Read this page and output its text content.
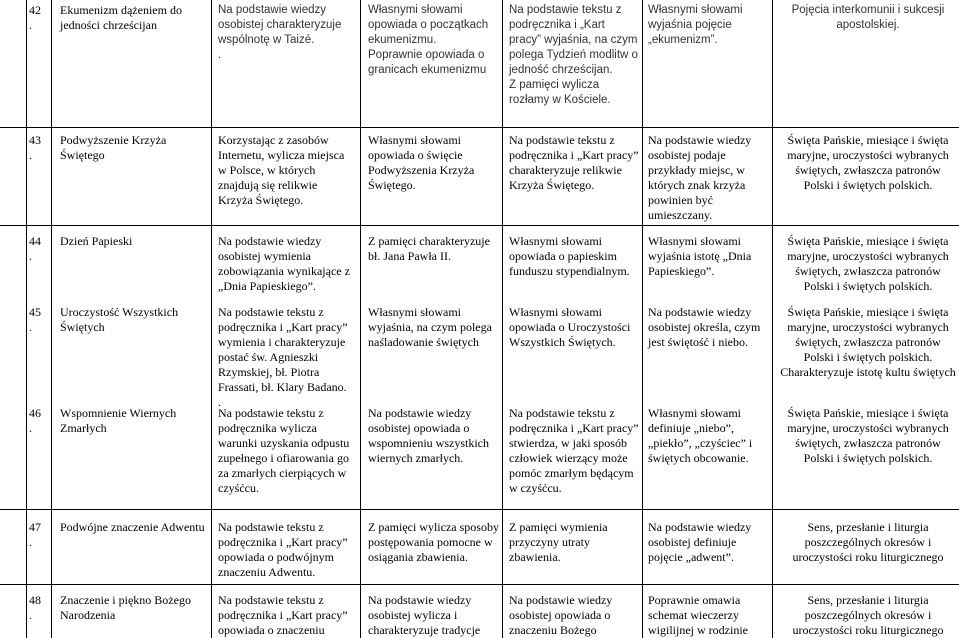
42
.
Ekumenizm dążeniem do jedności chrześcijan
Na podstawie wiedzy osobistej charakteryzuje wspólnotę w Taizé.
.
Własnymi słowami opowiada o początkach ekumenizmu.
Poprawnie opowiada o granicach ekumenizmu
Na podstawie tekstu z podręcznika i „Kart pracy” wyjaśnia, na czym polega Tydzień modlitw o jedność chrześcijan.
Z pamięci wylicza rozłamy w Kościele.
Własnymi słowami wyjaśnia pojęcie „ekumenizm”.
Pojęcia interkomunii i sukcesji apostolskiej.
43
.
Podwyższenie Krzyża Świętego
Korzystając z zasobów Internetu, wylicza miejsca w Polsce, w których znajdują się relikwie Krzyża Świętego.
Własnymi słowami opowiada o święcie Podwyższenia Krzyża Świętego.
Na podstawie tekstu z podręcznika i „Kart pracy” charakteryzuje relikwie Krzyża Świętego.
Na podstawie wiedzy osobistej podaje przykłady miejsc, w których znak krzyża powinien być umieszczany.
Święta Pańskie, miesiące i święta maryjne, uroczystości wybranych świętych, zwłaszcza patronów Polski i świętych polskich.
44
.
Dzień Papieski	Na podstawie wiedzy osobistej wymienia zobowiązania wynikające z „Dnia Papieskiego”.
Z pamięci charakteryzuje bł. Jana Pawła II.
Własnymi słowami opowiada o papieskim funduszu stypendialnym.
Własnymi słowami wyjaśnia istotę „Dnia Papieskiego”.
Święta Pańskie, miesiące i święta maryjne, uroczystości wybranych świętych, zwłaszcza patronów Polski i świętych polskich.
45
.
Uroczystość Wszystkich Świętych
Na podstawie tekstu z podręcznika i „Kart pracy” wymienia i charakteryzuje postać św. Agnieszki Rzymskiej, bł. Piotra Frassati, bł. Klary Badano.
.
Własnymi słowami wyjaśnia, na czym polega naśladowanie świętych
Własnymi słowami opowiada o Uroczystości Wszystkich Świętych.
Na podstawie wiedzy osobistej określa, czym jest świętość i niebo.
Święta Pańskie, miesiące i święta maryjne, uroczystości wybranych świętych, zwłaszcza patronów Polski i świętych polskich. Charakteryzuje istotę kultu świętych
46
.
Wspomnienie Wiernych Zmarłych
Na podstawie tekstu z podręcznika wylicza warunki uzyskania odpustu zupełnego i ofiarowania go za zmarłych cierpiących w czyśćcu.
Na podstawie wiedzy osobistej opowiada o wspomnieniu wszystkich wiernych zmarłych.
Na podstawie tekstu z podręcznika i „Kart pracy” stwierdza, w jaki sposób człowiek wierzący może pomóc zmarłym będącym w czyśćcu.
Własnymi słowami definiuje „niebo”, „piekło”, „czyściec” i świętych obcowanie.
Święta Pańskie, miesiące i święta maryjne, uroczystości wybranych świętych, zwłaszcza patronów Polski i świętych polskich.
47
.
Podwójne znaczenie Adwentu	Na podstawie tekstu z podręcznika i „Kart pracy” opowiada o podwójnym znaczeniu Adwentu.
Z pamięci wylicza sposoby postępowania pomocne w osiągania zbawienia.
Z pamięci wymienia przyczyny utraty zbawienia.
Na podstawie wiedzy osobistej definiuje pojęcie „adwent”.
Sens, przesłanie i liturgia poszczególnych okresów i uroczystości roku liturgicznego
48
.
Znaczenie i piękno Bożego Narodzenia
Na podstawie tekstu z podręcznika i „Kart pracy” opowiada o znaczeniu
Na podstawie wiedzy osobistej wylicza i charakteryzuje tradycje
Na podstawie wiedzy osobistej opowiada o znaczeniu Bożego
Poprawnie omawia schemat wieczerzy wigilijnej w rodzinie
Sens, przesłanie i liturgia poszczególnych okresów i uroczystości roku liturgicznego
